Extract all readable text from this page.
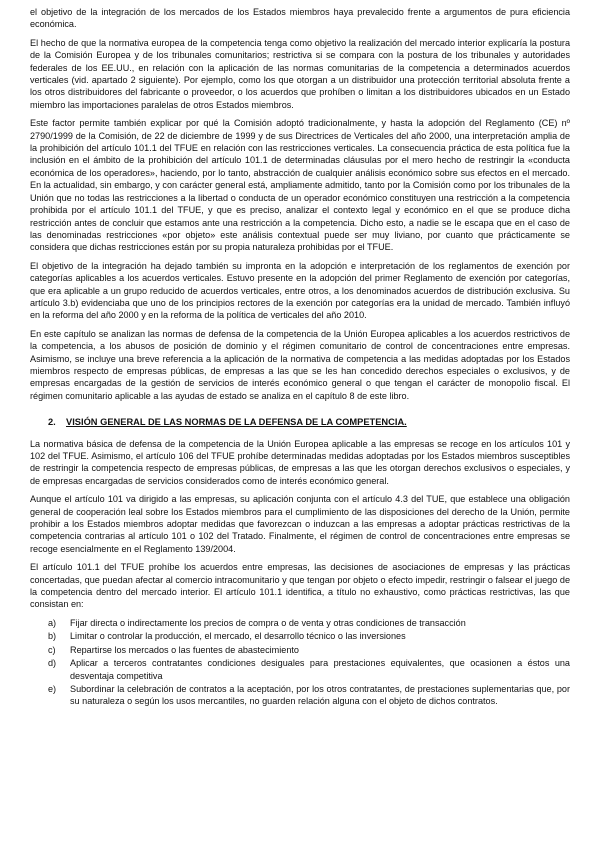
el objetivo de la integración de los mercados de los Estados miembros haya prevalecido frente a argumentos de pura eficiencia económica.

El hecho de que la normativa europea de la competencia tenga como objetivo la realización del mercado interior explicaría la postura de la Comisión Europea y de los tribunales comunitarios; restrictiva si se compara con la postura de los tribunales y autoridades federales de los EE.UU., en relación con la aplicación de las normas comunitarias de la competencia a determinados acuerdos verticales (vid. apartado 2 siguiente). Por ejemplo, como los que otorgan a un distribuidor una protección territorial absoluta frente a los otros distribuidores del fabricante o proveedor, o los acuerdos que prohíben o limitan a los distribuidores ubicados en un Estado miembro las importaciones paralelas de otros Estados miembros.

Este factor permite también explicar por qué la Comisión adoptó tradicionalmente, y hasta la adopción del Reglamento (CE) nº 2790/1999 de la Comisión, de 22 de diciembre de 1999 y de sus Directrices de Verticales del año 2000, una interpretación amplia de la prohibición del artículo 101.1 del TFUE en relación con las restricciones verticales. La consecuencia práctica de esta política fue la inclusión en el ámbito de la prohibición del artículo 101.1 de determinadas cláusulas por el mero hecho de restringir la «conducta económica de los operadores», haciendo, por lo tanto, abstracción de cualquier análisis económico sobre sus efectos en el mercado. En la actualidad, sin embargo, y con carácter general está, ampliamente admitido, tanto por la Comisión como por los tribunales de la Unión que no todas las restricciones a la libertad o conducta de un operador económico constituyen una restricción a la competencia prohibida por el artículo 101.1 del TFUE, y que es preciso, analizar el contexto legal y económico en el que se produce dicha restricción antes de concluir que estamos ante una restricción a la competencia. Dicho esto, a nadie se le escapa que en el caso de las denominadas restricciones «por objeto» este análisis contextual puede ser muy liviano, por cuanto que prácticamente se considera que dichas restricciones están por su propia naturaleza prohibidas por el TFUE.

El objetivo de la integración ha dejado también su impronta en la adopción e interpretación de los reglamentos de exención por categorías aplicables a los acuerdos verticales. Estuvo presente en la adopción del primer Reglamento de exención por categorías, que era aplicable a un grupo reducido de acuerdos verticales, entre otros, a los denominados acuerdos de distribución exclusiva. Su artículo 3.b) evidenciaba que uno de los principios rectores de la exención por categorías era la unidad de mercado. También influyó en la reforma del año 2000 y en la reforma de la política de verticales del año 2010.

En este capítulo se analizan las normas de defensa de la competencia de la Unión Europea aplicables a los acuerdos restrictivos de la competencia, a los abusos de posición de dominio y el régimen comunitario de control de concentraciones entre empresas. Asimismo, se incluye una breve referencia a la aplicación de la normativa de competencia a las medidas adoptadas por los Estados miembros respecto de empresas públicas, de empresas a las que se les han concedido derechos especiales o exclusivos, y de empresas encargadas de la gestión de servicios de interés económico general o que tengan el carácter de monopolio fiscal. El régimen comunitario aplicable a las ayudas de estado se analiza en el capítulo 8 de este libro.

2. VISIÓN GENERAL DE LAS NORMAS DE LA DEFENSA DE LA COMPETENCIA.

La normativa básica de defensa de la competencia de la Unión Europea aplicable a las empresas se recoge en los artículos 101 y 102 del TFUE. Asimismo, el artículo 106 del TFUE prohíbe determinadas medidas adoptadas por los Estados miembros susceptibles de restringir la competencia respecto de empresas públicas, de empresas a las que les otorgan derechos exclusivos o especiales, y de empresas encargadas de servicios considerados como de interés económico general.

Aunque el artículo 101 va dirigido a las empresas, su aplicación conjunta con el artículo 4.3 del TUE, que establece una obligación general de cooperación leal sobre los Estados miembros para el cumplimiento de las disposiciones del derecho de la Unión, permite prohibir a los Estados miembros adoptar medidas que favorezcan o induzcan a las empresas a adoptar prácticas restrictivas de la competencia contrarias al artículo 101 o 102 del Tratado. Finalmente, el régimen de control de concentraciones entre empresas se recoge esencialmente en el Reglamento 139/2004.

El artículo 101.1 del TFUE prohíbe los acuerdos entre empresas, las decisiones de asociaciones de empresas y las prácticas concertadas, que puedan afectar al comercio intracomunitario y que tengan por objeto o efecto impedir, restringir o falsear el juego de la competencia dentro del mercado interior. El artículo 101.1 identifica, a título no exhaustivo, como prácticas restrictivas, las que consistan en:

a)	Fijar directa o indirectamente los precios de compra o de venta y otras condiciones de transacción
b)	Limitar o controlar la producción, el mercado, el desarrollo técnico o las inversiones
c)	Repartirse los mercados o las fuentes de abastecimiento
d)	Aplicar a terceros contratantes condiciones desiguales para prestaciones equivalentes, que ocasionen a éstos una desventaja competitiva
e)	Subordinar la celebración de contratos a la aceptación, por los otros contratantes, de prestaciones suplementarias que, por su naturaleza o según los usos mercantiles, no guarden relación alguna con el objeto de dichos contratos.
